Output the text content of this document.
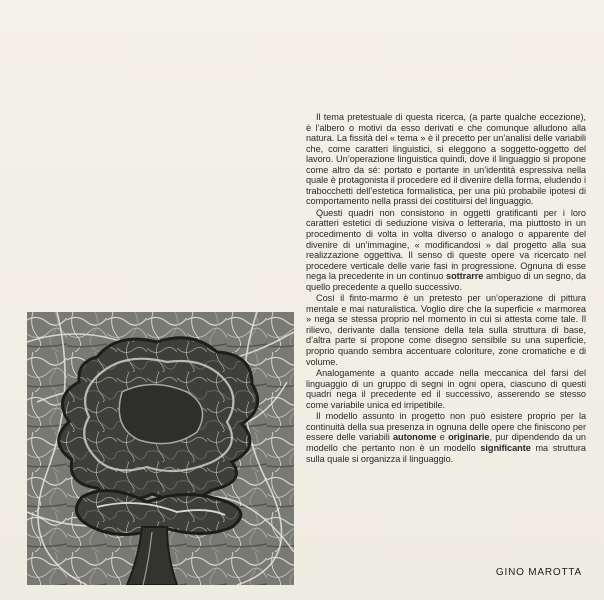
Il tema pretestuale di questa ricerca, (a parte qualche eccezione), è l’albero o motivi da esso derivati e che comunque alludono alla natura. La fissità del « tema » è il precetto per un’analisi delle variabili che, come caratteri linguistici, si eleggono a soggetto-oggetto del lavoro. Un’operazione linguistica quindi, dove il linguaggio si propone come altro da sé: portato e portante in un’identità espressiva nella quale è protagonista il procedere ed il divenire della forma, eludendo i trabocchetti dell’estetica formalistica, per una più probabile ipotesi di comportamento nella prassi dei costituirsi del linguaggio.

Questi quadri non consistono in oggetti gratificanti per i loro caratteri estetici di seduzione visiva o letteraria, ma piuttosto in un procedimento di volta in volta diverso o analogo o apparente del divenire di un’immagine, « modificandosi » dal progetto alla sua realizzazione oggettiva. Il senso di queste opere va ricercato nel procedere verticale delle varie fasi in progressione. Ognuna di esse nega la precedente in un continuo sottrarre ambiguo di un segno, da quello precedente a quello successivo.

Così il finto-marmo è un pretesto per un’operazione di pittura mentale e mai naturalistica. Voglio dire che la superficie « marmorea » nega se stessa proprio nel momento in cui si attesta come tale. Il rilievo, derivante dalla tensione della tela sulla struttura di base, d’altra parte si propone come disegno sensibile su una superficie, proprio quando sembra accentuare coloriture, zone cromatiche e di volume.

Analogamente a quanto accade nella meccanica del farsi del linguaggio di un gruppo di segni in ogni opera, ciascuno di questi quadri nega il precedente ed il successivo, asserendo se stesso come variabile unica ed irripetibile.

Il modello assunto in progetto non può esistere proprio per la continuità della sua presenza in ognuna delle opere che finiscono per essere delle variabili autonome e originarie, pur dipendendo da un modello che pertanto non è un modello significante ma struttura sulla quale si organizza il linguaggio.

GINO MAROTTA
